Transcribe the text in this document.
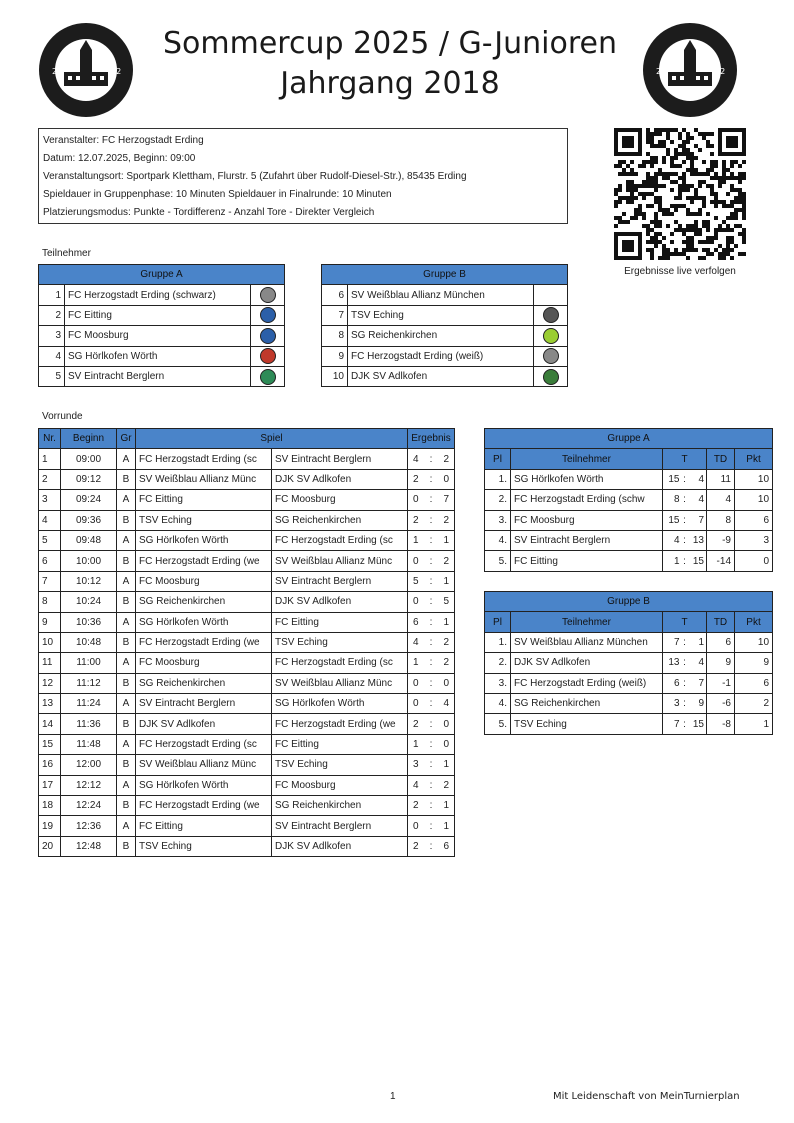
Sommercup 2025 / G-Junioren
Jahrgang 2018
20	22	20	22
Veranstalter: FC Herzogstadt Erding
Datum: 12.07.2025, Beginn: 09:00
Veranstaltungsort: Sportpark Klettham, Flurstr. 5 (Zufahrt über Rudolf-Diesel-Str.), 85435 Erding
Spieldauer in Gruppenphase: 10 Minuten Spieldauer in Finalrunde: 10 Minuten
Platzierungsmodus: Punkte - Tordifferenz - Anzahl Tore - Direkter Vergleich
Ergebnisse live verfolgen
Teilnehmer
Gruppe A		
1	FC Herzogstadt Erding (schwarz)	
2	FC Eitting	
3	FC Moosburg	
4	SG Hörlkofen Wörth	
5	SV Eintracht Berglern	
Gruppe B		
6	SV Weißblau Allianz München	
7	TSV Eching	
8	SG Reichenkirchen	
9	FC Herzogstadt Erding (weiß)	
10	DJK SV Adlkofen	
Vorrunde
Nr.	Beginn	Gr	Spiel		Ergebnis		
1	09:00	A	FC Herzogstadt Erding (sc	SV Eintracht Berglern	4	:	2
2	09:12	B	SV Weißblau Allianz Münc	DJK SV Adlkofen	2	:	0
3	09:24	A	FC Eitting	FC Moosburg	0	:	7
4	09:36	B	TSV Eching	SG Reichenkirchen	2	:	2
5	09:48	A	SG Hörlkofen Wörth	FC Herzogstadt Erding (sc	1	:	1
6	10:00	B	FC Herzogstadt Erding (we	SV Weißblau Allianz Münc	0	:	2
7	10:12	A	FC Moosburg	SV Eintracht Berglern	5	:	1
8	10:24	B	SG Reichenkirchen	DJK SV Adlkofen	0	:	5
9	10:36	A	SG Hörlkofen Wörth	FC Eitting	6	:	1
10	10:48	B	FC Herzogstadt Erding (we	TSV Eching	4	:	2
11	11:00	A	FC Moosburg	FC Herzogstadt Erding (sc	1	:	2
12	11:12	B	SG Reichenkirchen	SV Weißblau Allianz Münc	0	:	0
13	11:24	A	SV Eintracht Berglern	SG Hörlkofen Wörth	0	:	4
14	11:36	B	DJK SV Adlkofen	FC Herzogstadt Erding (we	2	:	0
15	11:48	A	FC Herzogstadt Erding (sc	FC Eitting	1	:	0
16	12:00	B	SV Weißblau Allianz Münc	TSV Eching	3	:	1
17	12:12	A	SG Hörlkofen Wörth	FC Moosburg	4	:	2
18	12:24	B	FC Herzogstadt Erding (we	SG Reichenkirchen	2	:	1
19	12:36	A	FC Eitting	SV Eintracht Berglern	0	:	1
20	12:48	B	TSV Eching	DJK SV Adlkofen	2	:	6
Gruppe A						
Pl	Teilnehmer	T			TD	Pkt
1.	SG Hörlkofen Wörth	15	:	4	11	10
2.	FC Herzogstadt Erding (schw	8	:	4	4	10
3.	FC Moosburg	15	:	7	8	6
4.	SV Eintracht Berglern	4	:	13	-9	3
5.	FC Eitting	1	:	15	-14	0
Gruppe B						
Pl	Teilnehmer	T			TD	Pkt
1.	SV Weißblau Allianz München	7	:	1	6	10
2.	DJK SV Adlkofen	13	:	4	9	9
3.	FC Herzogstadt Erding (weiß)	6	:	7	-1	6
4.	SG Reichenkirchen	3	:	9	-6	2
5.	TSV Eching	7	:	15	-8	1
1	Mit Leidenschaft von MeinTurnierplan
